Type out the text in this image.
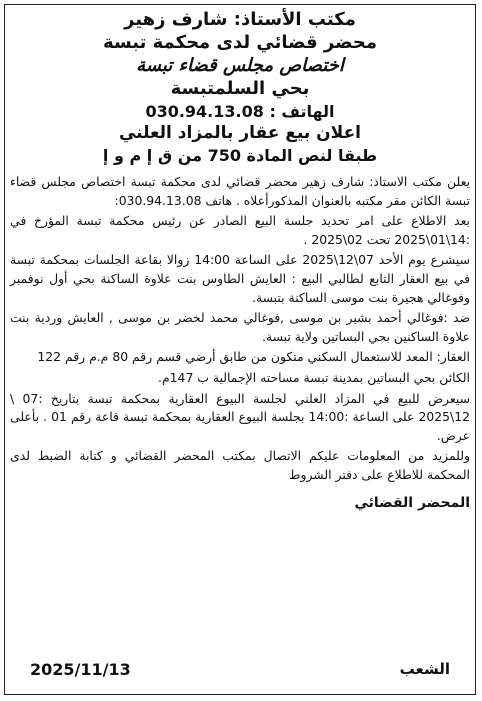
مكتب الأستاذ: شارف زهير

محضر قضائي لدى محكمة تبسة

اختصاص مجلس قضاء تبسة

بحي السلمتبسة

الهاتف : 030.94.13.08

اعلان بيع عقار بالمزاد العلني

طبقا لنص المادة 750 من ق إ م و إ

يعلن مكتب الاستاذ: شارف زهير محضر قضائي لدى محكمة تبسة اختصاص مجلس قضاء تبسة الكائن مقر مكتبه بالعنوان المذكورأعلاه . هاتف 030.94.13.08:

بعد الاطلاع على امر تحديد جلسة البيع الصادر عن رئيس محكمة تبسة المؤرخ في :14\01\2025 تحت 02\2025 .

سيشرع يوم الأحد 07\12\2025 على الساعة 14:00 زوالا بقاعة الجلسات بمحكمة تبسة في بيع العقار التابع لطالبي البيع : العايش الطاوس بنت علاوة الساكنة بحي أول نوفمبر وفوغالي هجيرة بنت موسى الساكنة بتبسة.

ضد :فوغالي أحمد بشير بن موسى ,فوغالي محمد لخضر بن موسى , العايش وردية بنت علاوة الساكنين بحي البساتين ولاية تبسة.

العقار: المعد للاستعمال السكني متكون من طابق أرضي قسم رقم 80 م.م رقم 122

الكائن بحي البساتين بمدينة تبسة مساحته الإجمالية ب 147م.

سيعرض للبيع في المزاد العلني لجلسة البيوع العقارية بمحكمة تبسة بتاريخ :07 \ 12\2025 على الساعة :14:00 بجلسة البيوع العقارية بمحكمة تبسة قاعة رقم 01 . بأعلى عرض.

وللمزيد من المعلومات عليكم الاتصال بمكتب المحضر القضائي و كتابة الضبط لدى المحكمة للاطلاع على دفتر الشروط

المحضر القضائي

الشعب
2025/11/13
